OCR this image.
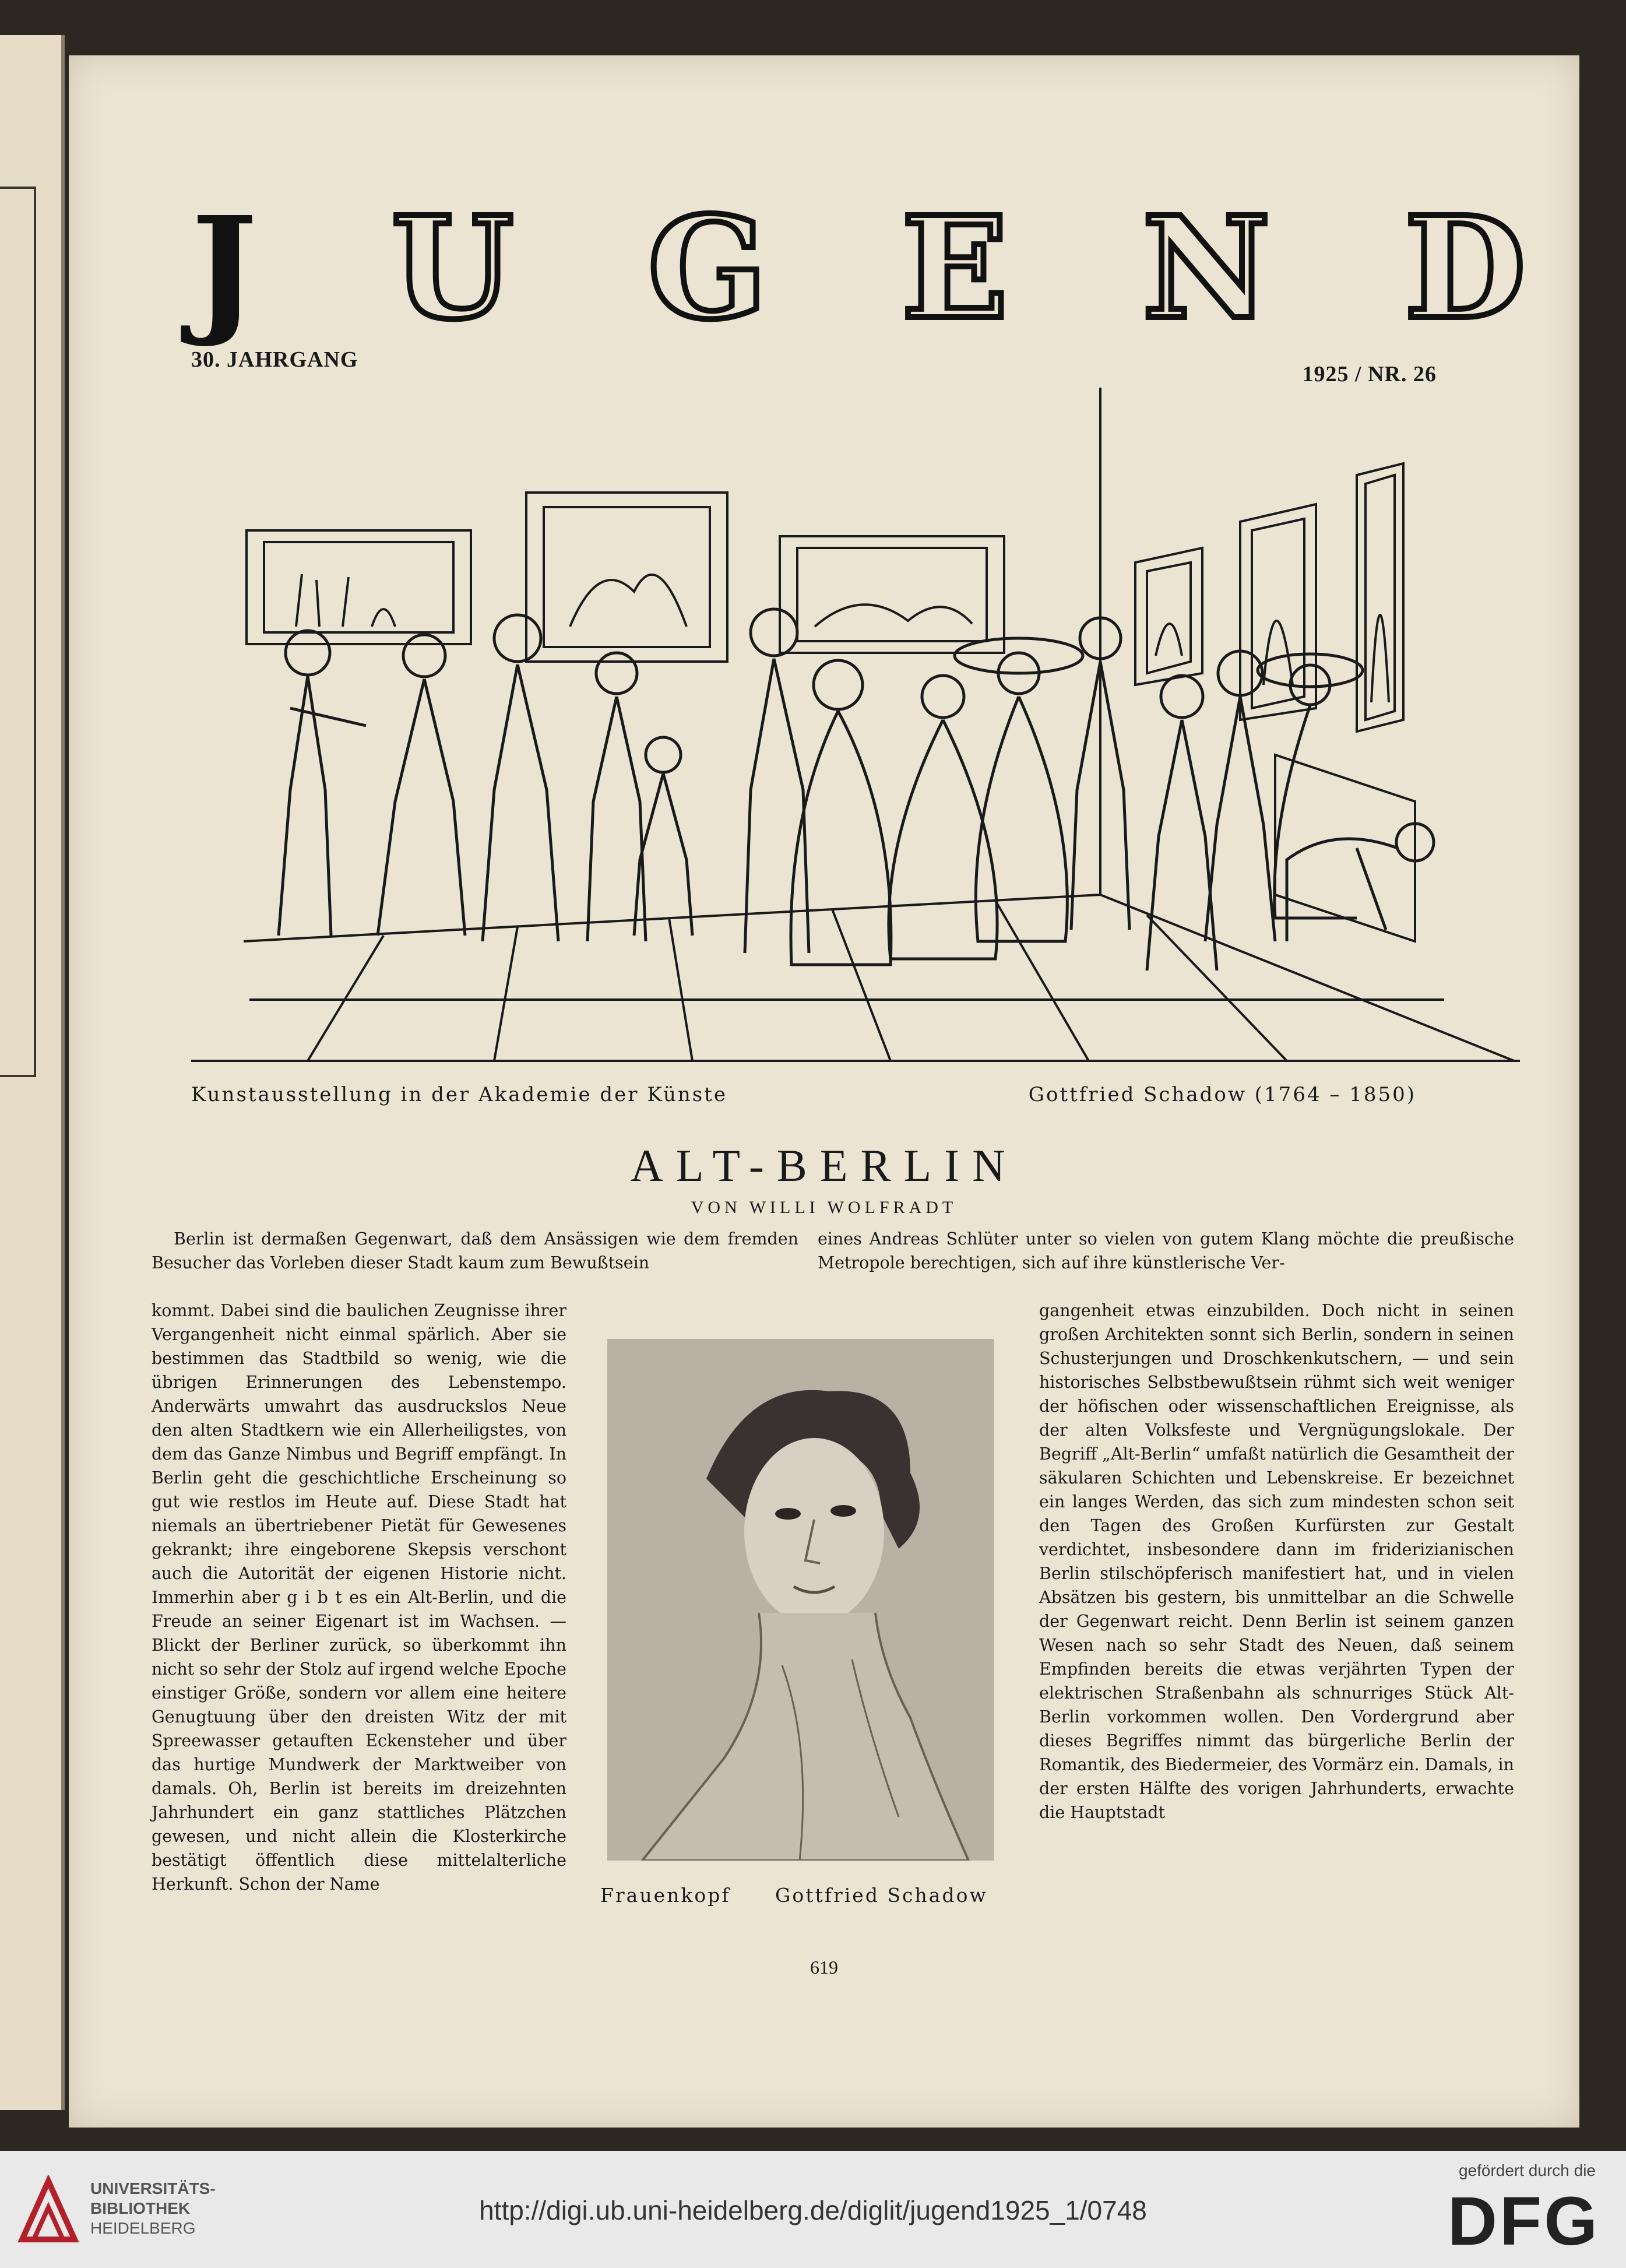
J U G E N D
30. JAHRGANG
1925 / NR. 26
Kunstausstellung in der Akademie der Künste	Gottfried Schadow (1764 – 1850)
ALT-BERLIN
VON WILLI WOLFRADT
Berlin ist dermaßen Gegenwart, daß dem Ansässigen wie dem fremden Besucher das Vorleben dieser Stadt kaum zum Bewußtsein
eines Andreas Schlüter unter so vielen von gutem Klang möchte die preußische Metropole berechtigen, sich auf ihre künstlerische Ver-
kommt. Dabei sind die baulichen Zeugnisse ihrer Vergangenheit nicht einmal spärlich. Aber sie bestimmen das Stadtbild so wenig, wie die übrigen Erinnerungen des Lebenstempo. Anderwärts umwahrt das ausdruckslos Neue den alten Stadtkern wie ein Allerheiligstes, von dem das Ganze Nimbus und Begriff empfängt. In Berlin geht die geschichtliche Erscheinung so gut wie restlos im Heute auf. Diese Stadt hat niemals an übertriebener Pietät für Gewesenes gekrankt; ihre eingeborene Skepsis verschont auch die Autorität der eigenen Historie nicht. Immerhin aber g i b t es ein Alt-Berlin, und die Freude an seiner Eigenart ist im Wachsen. — Blickt der Berliner zurück, so überkommt ihn nicht so sehr der Stolz auf irgend welche Epoche einstiger Größe, sondern vor allem eine heitere Genugtuung über den dreisten Witz der mit Spreewasser getauften Eckensteher und über das hurtige Mundwerk der Marktweiber von damals. Oh, Berlin ist bereits im dreizehnten Jahrhundert ein ganz stattliches Plätzchen gewesen, und nicht allein die Klosterkirche bestätigt öffentlich diese mittelalterliche Herkunft. Schon der Name
gangenheit etwas einzubilden. Doch nicht in seinen großen Architekten sonnt sich Berlin, sondern in seinen Schusterjungen und Droschkenkutschern, — und sein historisches Selbstbewußtsein rühmt sich weit weniger der höfischen oder wissenschaftlichen Ereignisse, als der alten Volksfeste und Vergnügungslokale. Der Begriff „Alt-Berlin“ umfaßt natürlich die Gesamtheit der säkularen Schichten und Lebenskreise. Er bezeichnet ein langes Werden, das sich zum mindesten schon seit den Tagen des Großen Kurfürsten zur Gestalt verdichtet, insbesondere dann im friderizianischen Berlin stilschöpferisch manifestiert hat, und in vielen Absätzen bis gestern, bis unmittelbar an die Schwelle der Gegenwart reicht. Denn Berlin ist seinem ganzen Wesen nach so sehr Stadt des Neuen, daß seinem Empfinden bereits die etwas verjährten Typen der elektrischen Straßenbahn als schnurriges Stück Alt-Berlin vorkommen wollen. Den Vordergrund aber dieses Begriffes nimmt das bürgerliche Berlin der Romantik, des Biedermeier, des Vormärz ein. Damals, in der ersten Hälfte des vorigen Jahrhunderts, erwachte die Hauptstadt
Frauenkopf Gottfried Schadow
619
UNIVERSITÄTS-
BIBLIOTHEK
HEIDELBERG
http://digi.ub.uni-heidelberg.de/diglit/jugend1925_1/0748
gefördert durch die
DFG
